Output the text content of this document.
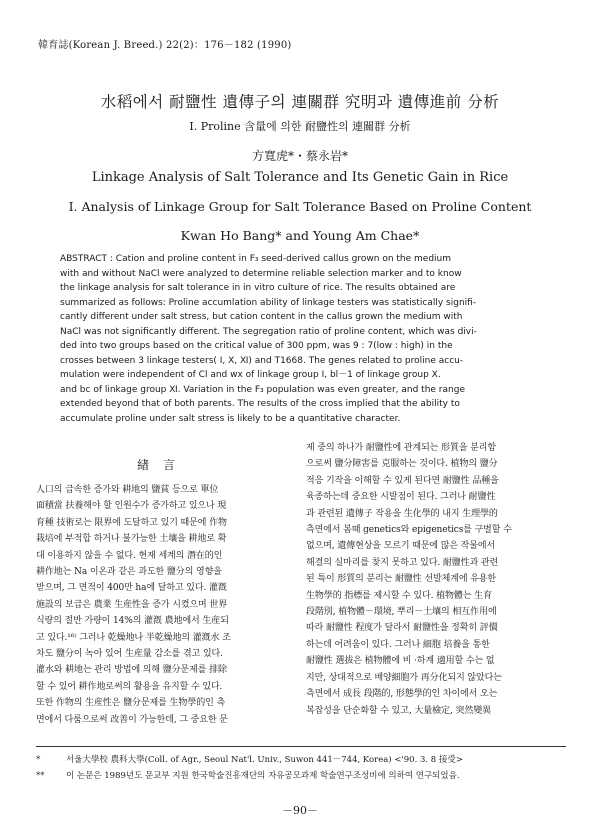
韓育誌(Korean J. Breed.) 22(2)：176－182 (1990)
水稻에서 耐鹽性 遺傳子의 連關群 究明과 遺傳進前 分析
Ⅰ. Proline 含量에 의한 耐鹽性의 連關群 分析
方寬虎*・蔡永岩*
Linkage Analysis of Salt Tolerance and Its Genetic Gain in Rice
Ⅰ. Analysis of Linkage Group for Salt Tolerance Based on Proline Content
Kwan Ho Bang* and Young Am Chae*
ABSTRACT : Cation and proline content in F₃ seed-derived callus grown on the medium
with and without NaCl were analyzed to determine reliable selection marker and to know
the linkage analysis for salt tolerance in in vitro culture of rice. The results obtained are
summarized as follows: Proline accumlation ability of linkage testers was statistically signifi-
cantly different under salt stress, but cation content in the callus grown the medium with
NaCl was not significantly different. The segregation ratio of proline content, which was divi-
ded into two groups based on the critical value of 300 ppm, was 9 : 7(low : high) in the
crosses between 3 linkage testers( Ⅰ, Ⅹ, Ⅺ) and T1668. The genes related to proline accu-
mulation were independent of Cl and wx of linkage group Ⅰ, bl－1 of linkage group Ⅹ.
and bc of linkage group Ⅺ. Variation in the F₃ population was even greater, and the range
extended beyond that of both parents. The results of the cross implied that the ability to
accumulate proline under salt stress is likely to be a quantitative character.
緖言
人口의 급속한 증가와 耕地의 鹽貧 등으로 單位
面積當 扶養해야 할 인원수가 증가하고 있으나 現
育種 技術로는 限界에 도달하고 있기 때문에 作物
栽培에 부적합 하거나 불가능한 土壤을 耕地로 확
대 이용하지 않을 수 없다. 현재 세계의 潛在的인
耕作地는 Na 이온과 같은 과도한 鹽分의 영향을
받으며, 그 면적이 400만 ha에 달하고 있다. 灌漑
施設의 보급은 農業 生産性을 증가 시켰으며 世界
식량의 절반 가량이 14%의 灌漑 農地에서 生産되
고 있다.¹⁶⁾ 그러나 乾燥地나 半乾燥地의 灌漑水 조
차도 鹽分이 녹아 있어 生産量 감소를 겪고 있다.
灌水와 耕地는 관리 방법에 의해 鹽分문제를 排除
할 수 있어 耕作地로써의 활용을 유지할 수 있다.
또한 作物의 生産性은 鹽分문제를 生物學的인 측
면에서 다룸으로써 改善이 가능한데, 그 중요한 문
제 중의 하나가 耐鹽性에 관계되는 形質을 분리함
으로써 鹽分障害를 克服하는 것이다. 植物의 鹽分
적응 기작을 이해할 수 있게 된다면 耐鹽性 品種을
육종하는데 중요한 시발점이 된다. 그러나 耐鹽性
과 관련된 遺傳子 작용을 生化學的 내지 生理學的
측면에서 봄때 genetics와 epigenetics를 구별할 수
없으며, 遺傳현상을 모르기 때문에 많은 작물에서
해결의 실마리를 찾지 못하고 있다. 耐鹽性과 관련
된 특이 形質의 분리는 耐鹽性 선발체계에 유용한
生物學的 指標를 제시할 수 있다. 植物體는 生育
段階別, 植物體－環境, 뿌리－土壤의 相互作用에
따라 耐鹽性 程度가 달라서 耐鹽性을 정확히 評價
하는데 어려움이 있다. 그러나 細胞 培養을 통한
耐鹽性 選拔은 植物體에 비 ·하계 適用할 수는 없
지만, 상대적으로 배양細胞가 再分化되지 않았다는
측면에서 成長 段階的, 形態學的인 차이에서 오는
복잡성을 단순화할 수 있고, 大量檢定, 突然變異
*	서울大學校 農科大學(Coll. of Agr., Seoul Nat'l. Univ., Suwon 441－744, Korea) <'90. 3. 8 接受>
**	이 논문은 1989년도 문교부 지원 한국학술진흥재단의 자유공모과제 학술연구조성비에 의하여 연구되었음.
－90－
